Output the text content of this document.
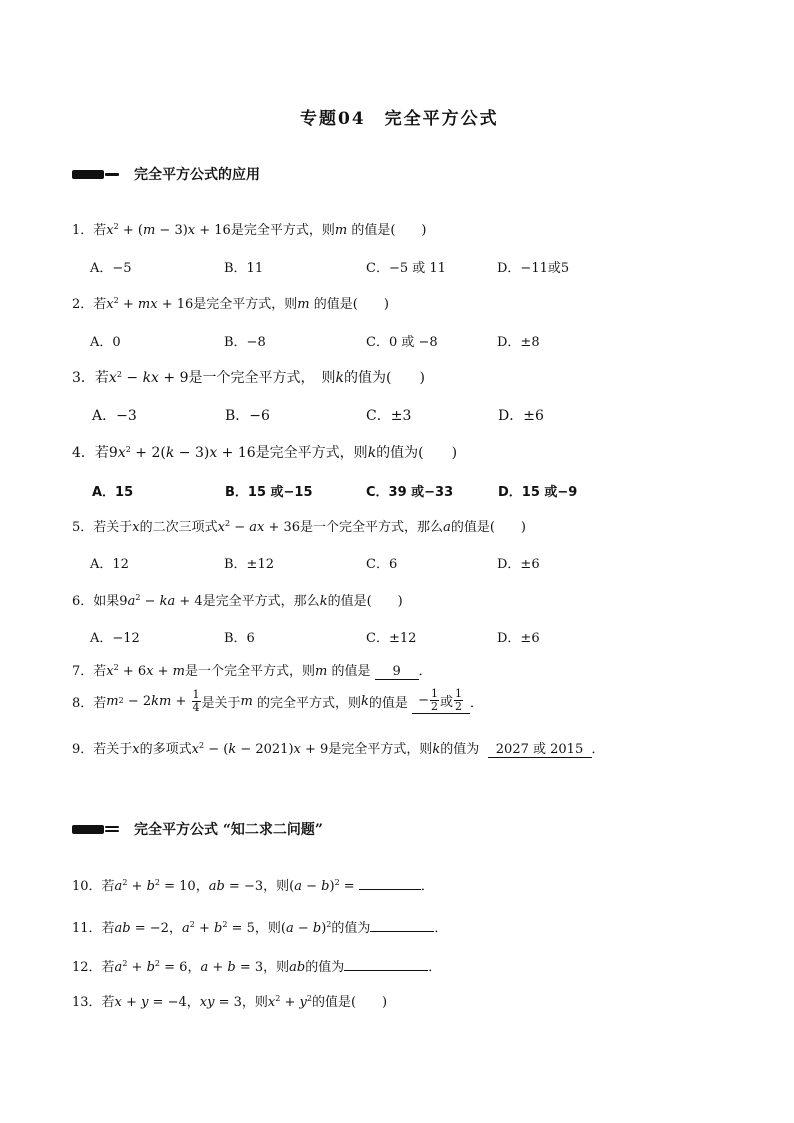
专题04　完全平方公式
完全平方公式的应用
1．若$x^2 + (m - 3)x + 16$是完全平方式，则m 的值是(　　)
A．−5	B．11	C．−5 或 11	D．−11或5
2．若$x^2$ + mx + 16是完全平方式，则m 的值是(　　)
A．0	B．−8	C．0 或 −8	D．±8
3．若$x^2$ − kx + 9是一个完全平方式，　则k的值为(　　)
A．−3	B．−6	C．±3	D．±6
4．若$9x^2 + 2(k - 3)x + 16$是完全平方式，则k的值为(　　)
A．15	B．15 或−15	C．39 或−33	D．15 或−9
5．若关于x的二次三项式$x^2$ − ax + 36是一个完全平方式，那么a的值是(　　)
A．12	B．±12	C．6	D．±6
6．如果$9a^2$ − ka + 4是完全平方式，那么k的值是(　　)
A．−12	B．6	C．±12	D．±6
7．若$x^2 + 6x + m$是一个完全平方式，则m 的值是 9 ．
8．若 m 2 − 2 km + $\frac{1}{4}$ 是关于 m
的完全平方式，则 k 的值是
− $\frac{1}{2}$ 或 $\frac{1}{2}$ ．
9．若关于x的多项式$x^2 - (k - 2021)x + 9$是完全平方式，则k的值为 2027 或 2015 ．
完全平方公式 “知二求二问题”
10．若$a^2 + b^2 = 10$，ab = −3，则$(a - b)^2$ =	．
11．若ab = −2，$a^2 + b^2 = 5$，则$(a - b)^2$的值为	．
12．若$a^2 + b^2 = 6$，a + b = 3，则ab的值为	．
13．若x + y = −4，xy = 3，则$x^2 + y^2$的值是(　　)
